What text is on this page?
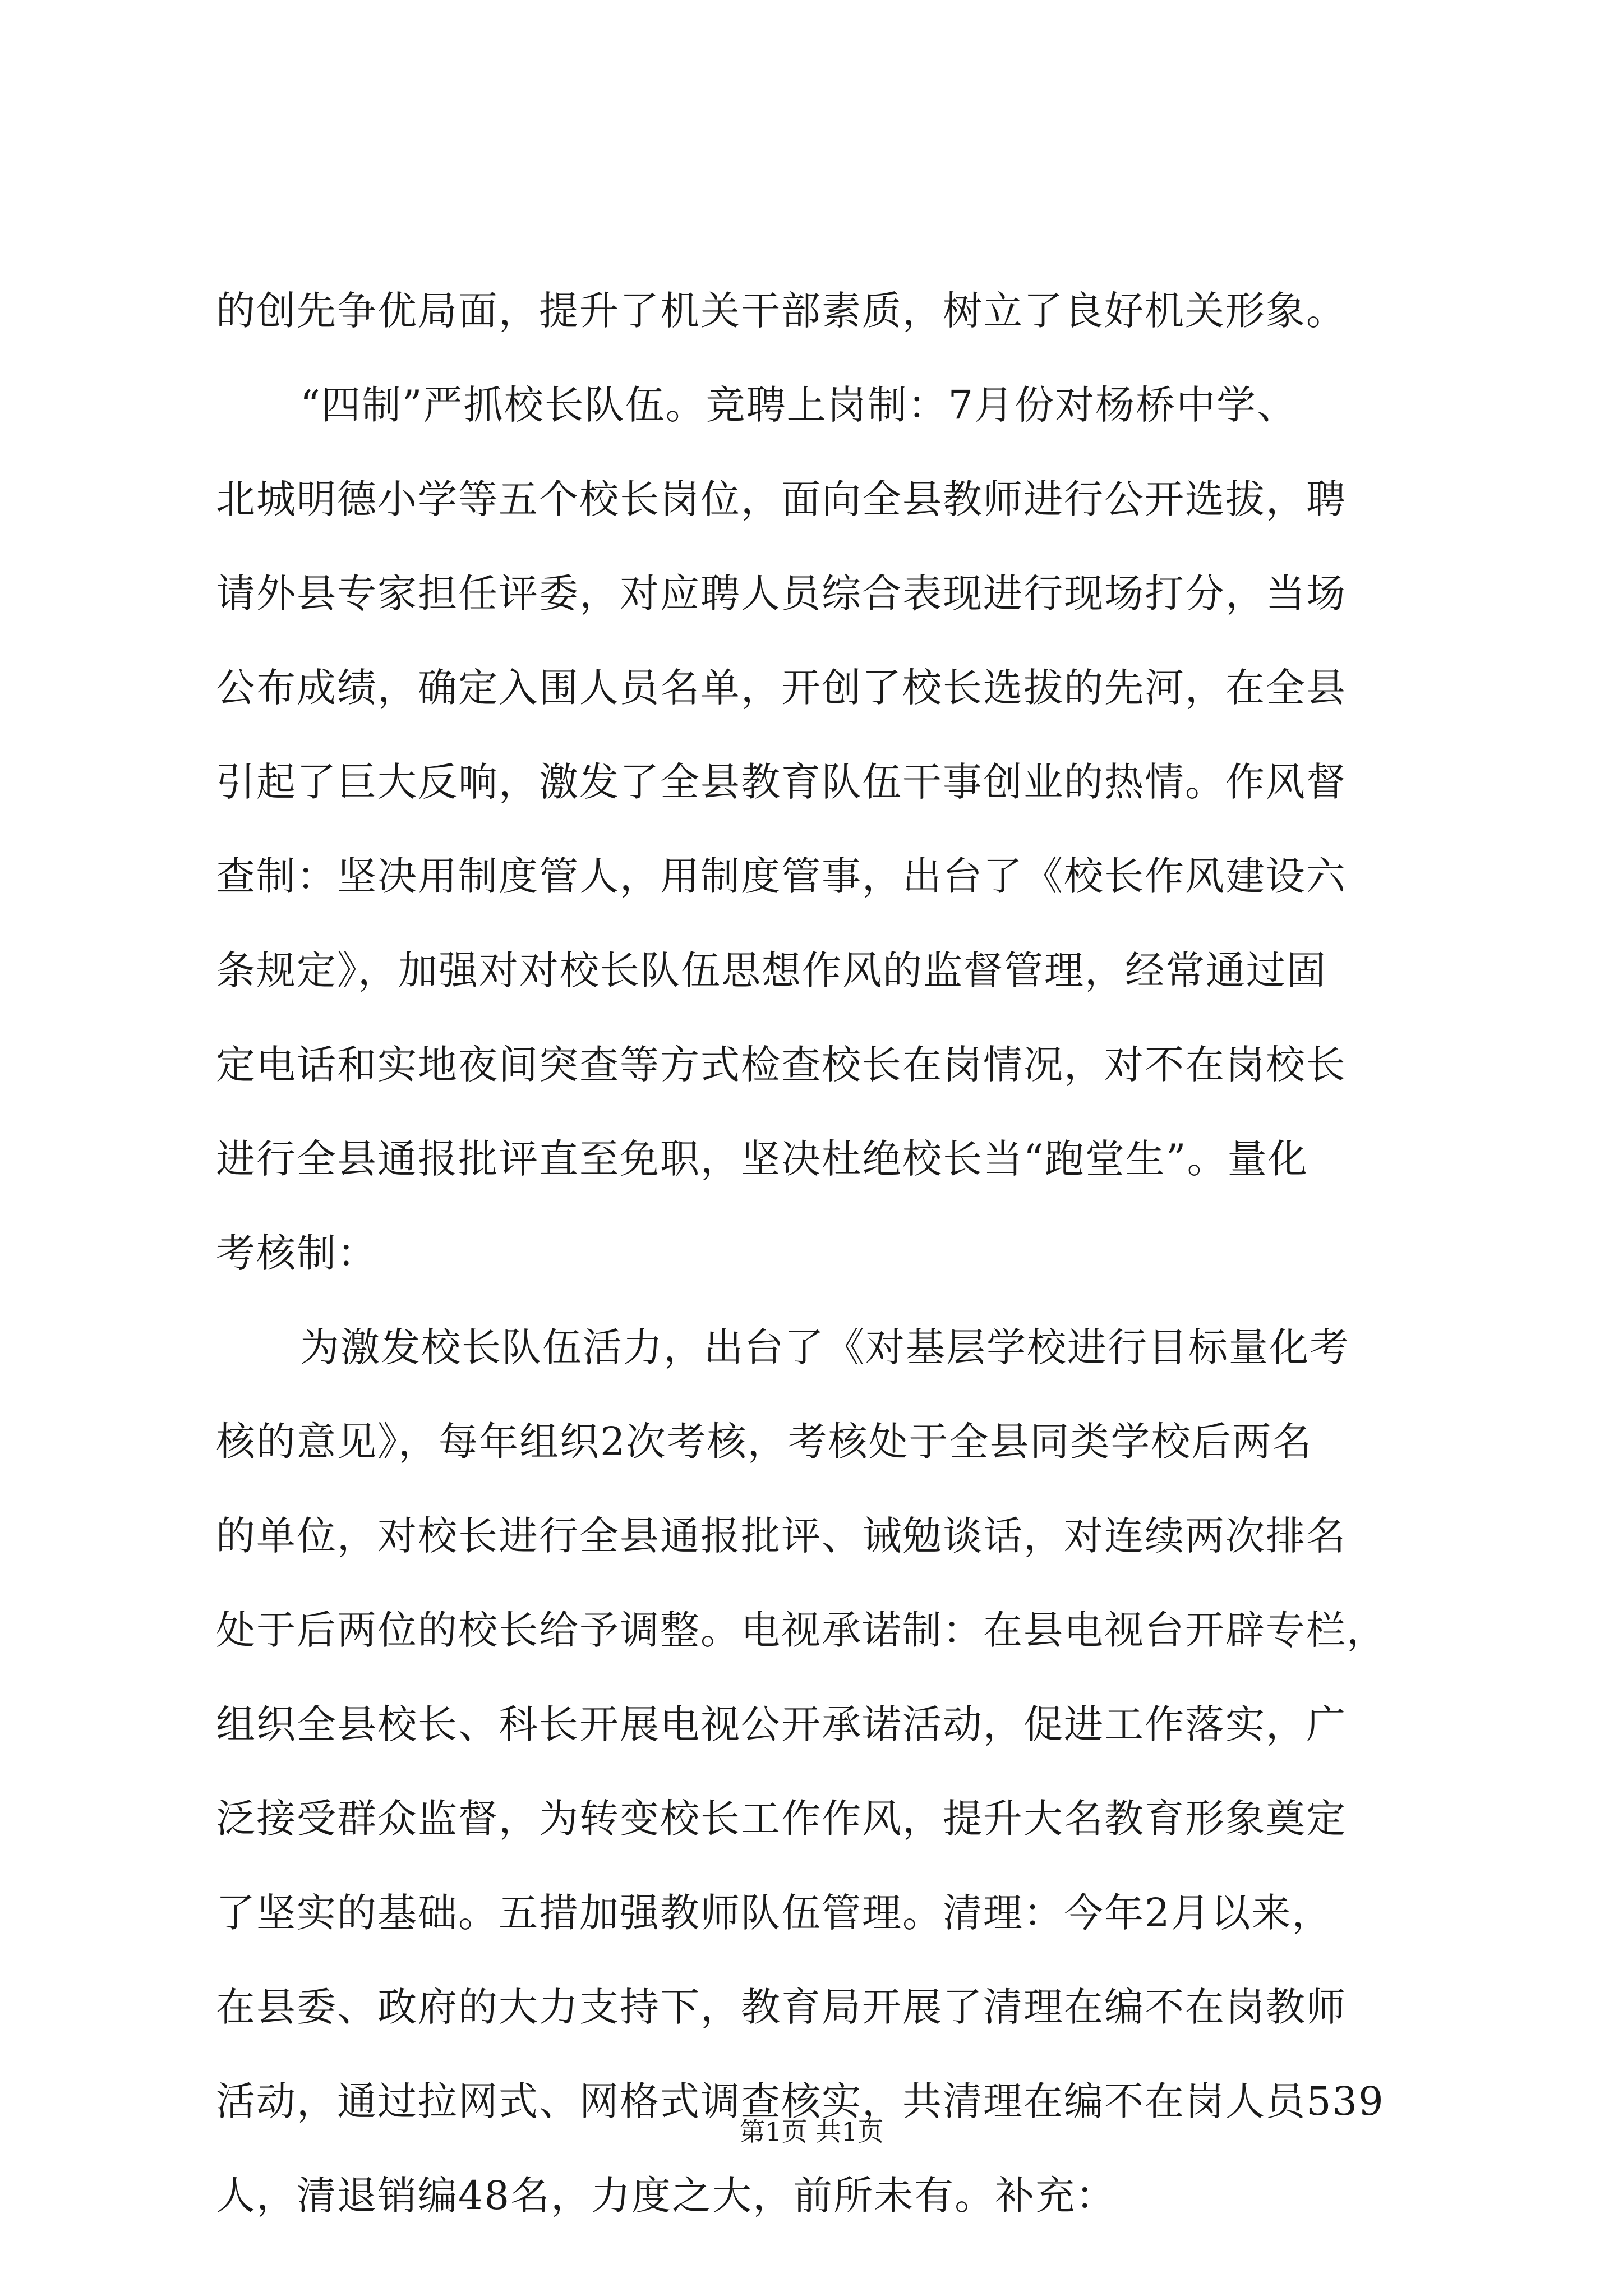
的创先争优局面，提升了机关干部素质，树立了良好机关形象。
“四制”严抓校长队伍。竞聘上岗制：7月份对杨桥中学、
北城明德小学等五个校长岗位，面向全县教师进行公开选拔，聘
请外县专家担任评委，对应聘人员综合表现进行现场打分，当场
公布成绩，确定入围人员名单，开创了校长选拔的先河，在全县
引起了巨大反响，激发了全县教育队伍干事创业的热情。作风督
查制：坚决用制度管人，用制度管事，出台了《校长作风建设六
条规定》，加强对对校长队伍思想作风的监督管理，经常通过固
定电话和实地夜间突查等方式检查校长在岗情况，对不在岗校长
进行全县通报批评直至免职，坚决杜绝校长当“跑堂生”。量化
考核制：
为激发校长队伍活力，出台了《对基层学校进行目标量化考
核的意见》，每年组织2次考核，考核处于全县同类学校后两名
的单位，对校长进行全县通报批评、诫勉谈话，对连续两次排名
处于后两位的校长给予调整。电视承诺制：在县电视台开辟专栏，
组织全县校长、科长开展电视公开承诺活动，促进工作落实，广
泛接受群众监督，为转变校长工作作风，提升大名教育形象奠定
了坚实的基础。五措加强教师队伍管理。清理：今年2月以来，
在县委、政府的大力支持下，教育局开展了清理在编不在岗教师
活动，通过拉网式、网格式调查核实，共清理在编不在岗人员539
人，清退销编48名，力度之大，前所未有。补充：
第1页 共1页
